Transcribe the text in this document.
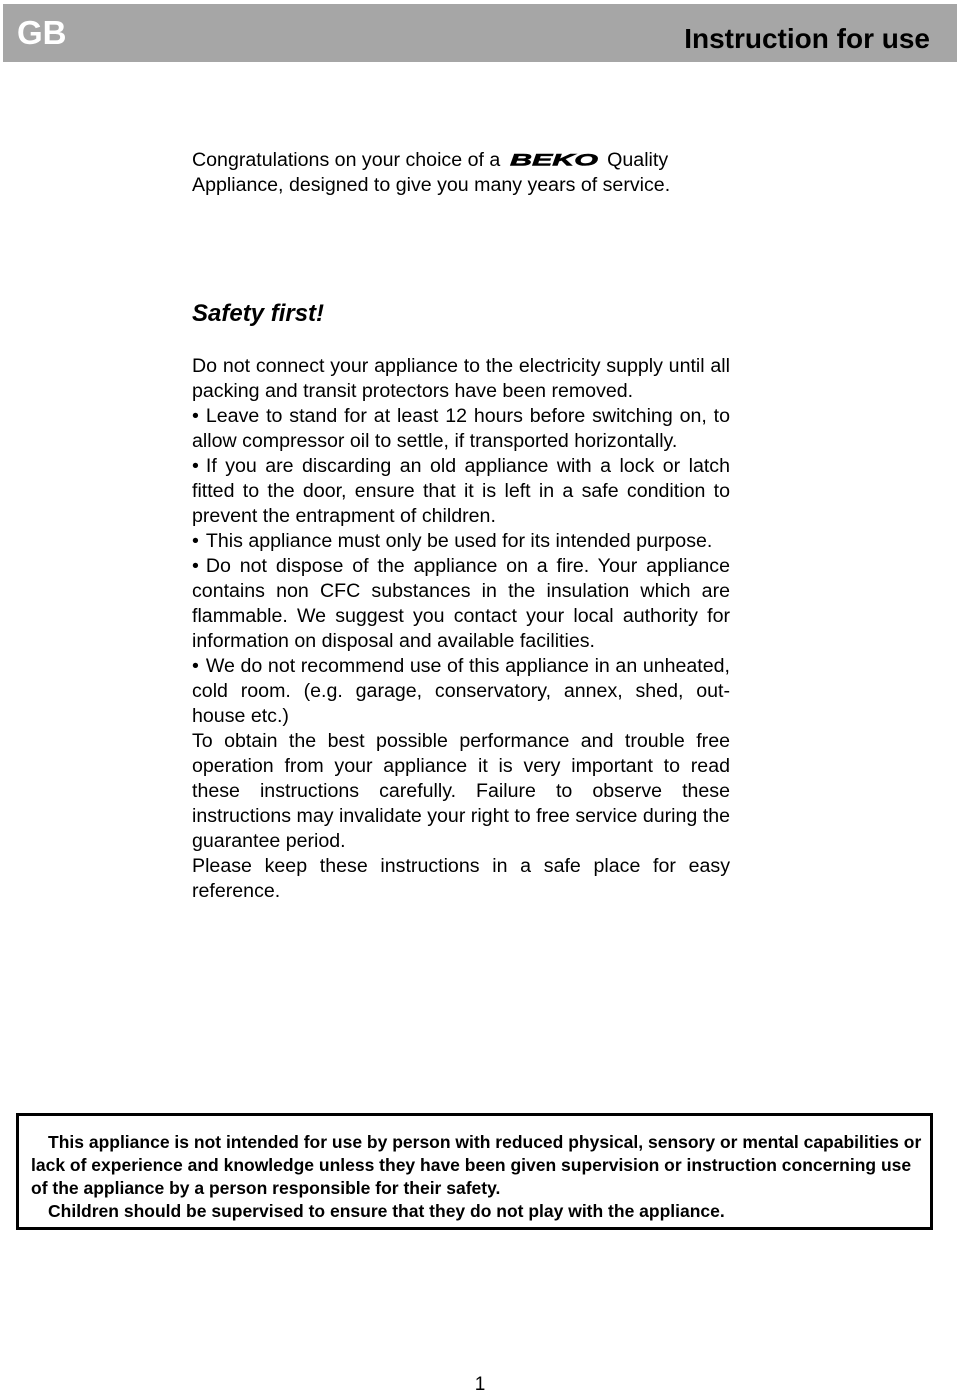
GB	Instruction for use
Congratulations on your choice of a BEKO Quality Appliance, designed to give you many years of service.
Safety first!

Do not connect your appliance to the electricity supply until all packing and transit protectors have been removed.

• Leave to stand for at least 12 hours before switching on, to allow compressor oil to settle, if transported horizontally.

• If you are discarding an old appliance with a lock or latch fitted to the door, ensure that it is left in a safe condition to prevent the entrapment of children.

• This appliance must only be used for its intended purpose.

• Do not dispose of the appliance on a fire. Your appliance contains non CFC substances in the insulation which are flammable. We suggest you contact your local authority for information on disposal and available facilities.

• We do not recommend use of this appliance in an unheated, cold room. (e.g. garage, conservatory, annex, shed, out-house etc.)

To obtain the best possible performance and trouble free operation from your appliance it is very important to read these instructions carefully. Failure to observe these instructions may invalidate your right to free service during the guarantee period.

Please keep these instructions in a safe place for easy reference.

This appliance is not intended for use by person with reduced physical, sensory or mental capabilities or lack of experience and knowledge unless they have been given supervision or instruction concerning use of the appliance by a person responsible for their safety.

Children should be supervised to ensure that they do not play with the appliance.

1
